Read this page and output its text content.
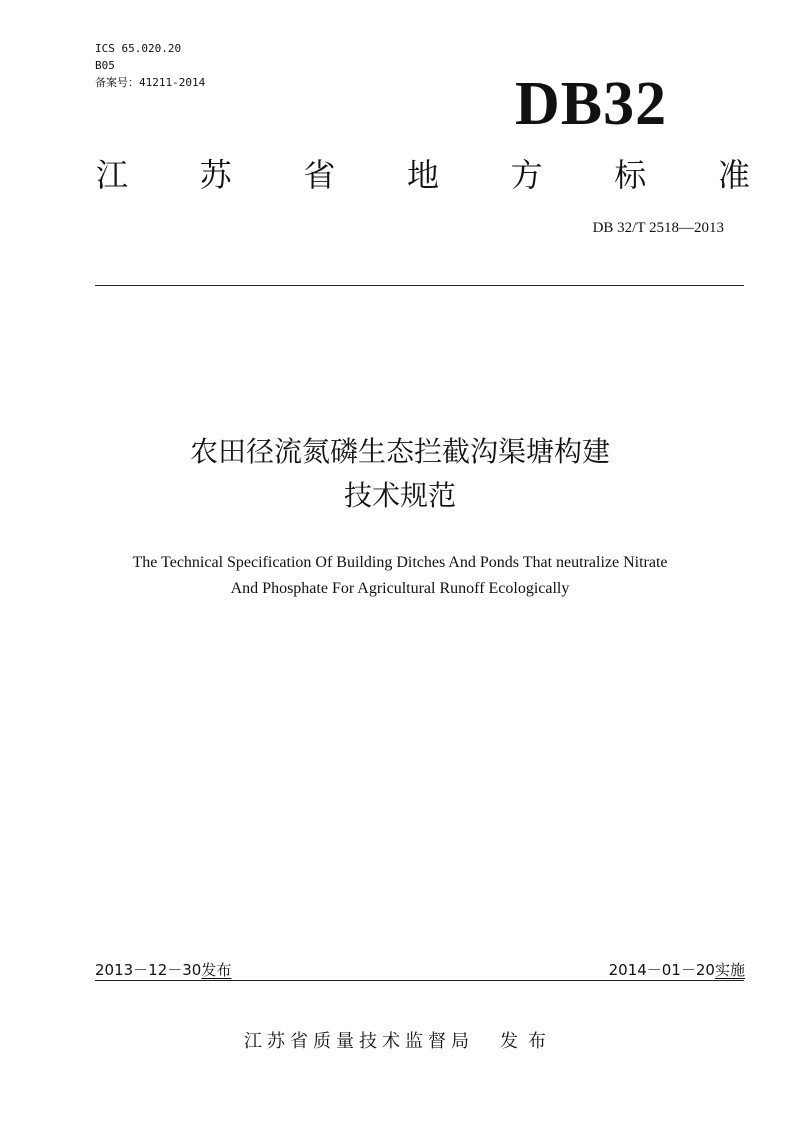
ICS 65.020.20
B05
备案号：41211-2014	DB32
江 苏 省 地 方 标 准
DB 32/T 2518—2013
农田径流氮磷生态拦截沟渠塘构建
技术规范
The Technical Specification Of Building Ditches And Ponds That neutralize Nitrate
And Phosphate For Agricultural Runoff Ecologically
2013－12－30发布	2014－01－20实施
江苏省质量技术监督局 发布
